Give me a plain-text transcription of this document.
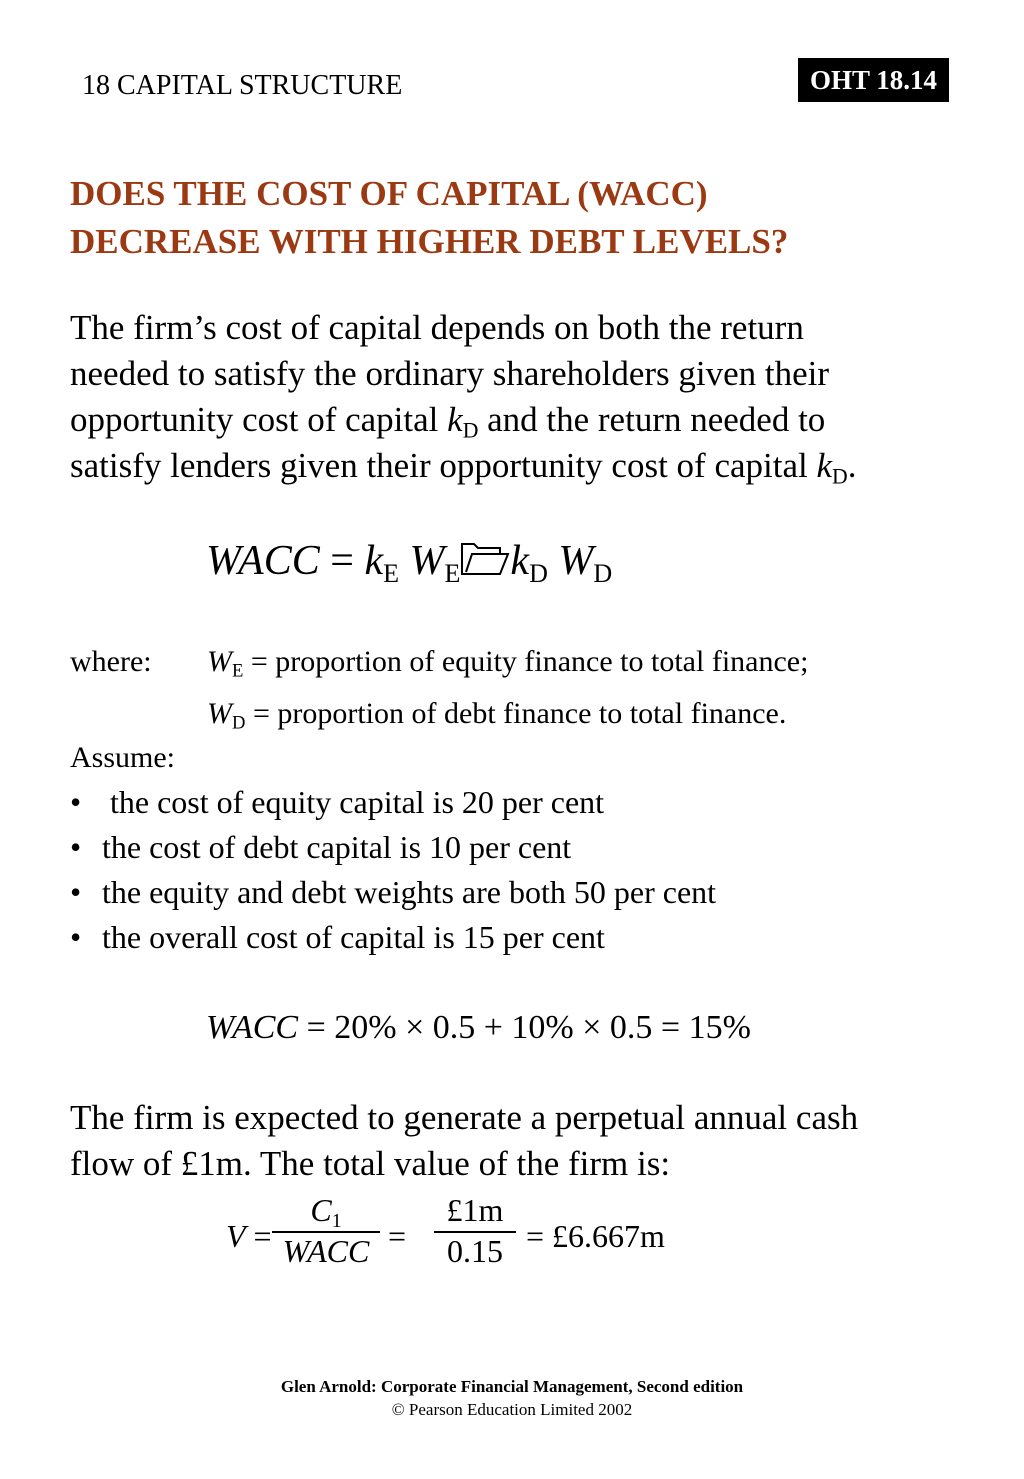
18 CAPITAL STRUCTURE	OHT 18.14
DOES THE COST OF CAPITAL (WACC)
DECREASE WITH HIGHER DEBT LEVELS?
The firm’s cost of capital depends on both the return
needed to satisfy the ordinary shareholders given their
opportunity cost of capital $k_D$ and the return needed to
satisfy lenders given their opportunity cost of capital $k_D$.
WACC = $k_E$ $W_E$ $k_D$ $W_D$
where: $W_E$ = proportion of equity finance to total finance;
$W_D$ = proportion of debt finance to total finance.
Assume:
• the cost of equity capital is 20 per cent
• the cost of debt capital is 10 per cent
• the equity and debt weights are both 50 per cent
• the overall cost of capital is 15 per cent
WACC = 20% × 0.5 + 10% × 0.5 = 15%
The firm is expected to generate a perpetual annual cash
flow of £1m. The total value of the firm is:
V =
$C_1$
WACC = $\frac{£1m}{0.15}$ = £6.667m
Glen Arnold: Corporate Financial Management, Second edition
© Pearson Education Limited 2002
